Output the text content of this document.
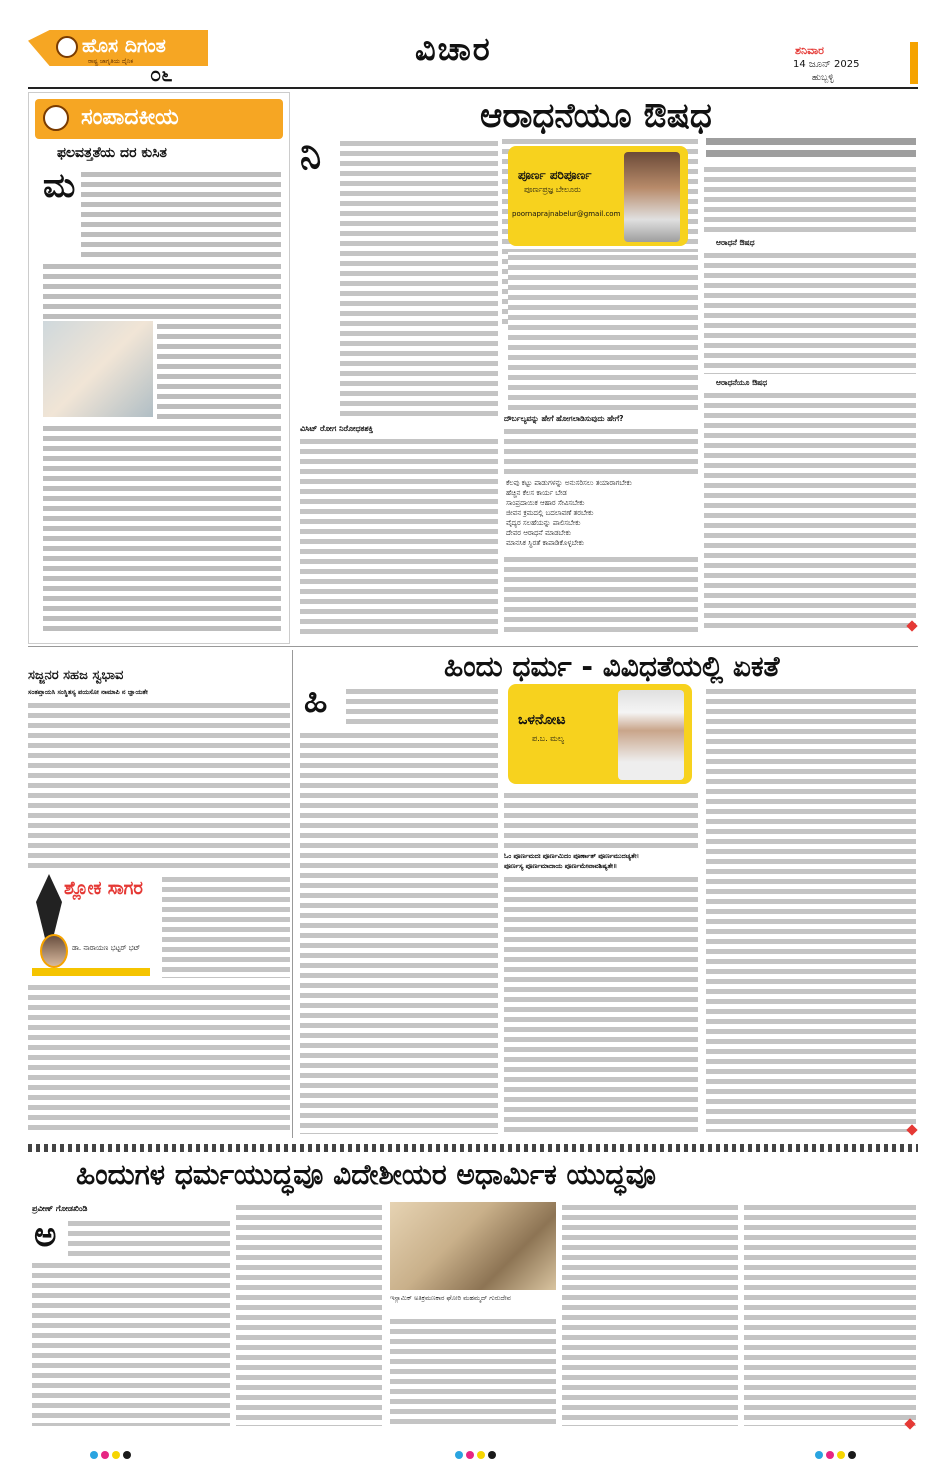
ಹೊಸ ದಿಗಂತ
ರಾಷ್ಟ್ರ ಜಾಗೃತಿಯ ದೈನಿಕ
೦೬
ವಿಚಾರ	ಶನಿವಾರ
14 ಜೂನ್ 2025
ಹುಬ್ಬಳ್ಳಿ
ಸಂಪಾದಕೀಯ
ಫಲವತ್ತತೆಯ ದರ ಕುಸಿತ
ಮ
ಆರಾಧನೆಯೂ ಔಷಧ
ನಿ
ವಿಸಿಟ್ ರೋಗ ನಿರೋಧಕಶಕ್ತಿ
ಪೂರ್ಣ ಪರಿಪೂರ್ಣ
ಪೂರ್ಣಪ್ರಜ್ಞ ಬೇಲೂರು
poornaprajnabelur@gmail.com
ದೌರ್ಬಲ್ಯವನ್ನು ಹೇಗೆ ಹೋಗಲಾಡಿಸುವುದು ಹೇಗೆ?
ಕೆಲವು ಕಟ್ಟು ಪಾಡುಗಳನ್ನು ಅನುಸರಿಸಲು ತಯಾರಾಗಬೇಕು
ಹೆಚ್ಚಿನ ಕೆಲಸ ಕಾರ್ಯ ಬೇಡ
ಸಾಂಪ್ರದಾಯಿಕ ಆಹಾರ ಸೇವಿಸಬೇಕು
ಜೀವನ ಕ್ರಮದಲ್ಲಿ ಬದಲಾವಣೆ ತರಬೇಕು
ವೈದ್ಯರ ಸಲಹೆಯನ್ನು ಪಾಲಿಸಬೇಕು
ದೇವರ ಆರಾಧನೆ ಮಾಡಬೇಕು
ಮಾನಸಿಕ ಸ್ಥಿರತೆ ಕಾಪಾಡಿಕೊಳ್ಳಬೇಕು
ಆರಾಧನೆ ಔಷಧ
ಆರಾಧನೆಯೂ ಔಷಧ
ಸಜ್ಜನರ ಸಹಜ ಸ್ವಭಾವ
ಸಂತಪ್ತಾಯಸಿ ಸಂಸ್ಥಿತಸ್ಯ ಪಯಸೋ ನಾಮಾಪಿ ನ ಜ್ಞಾಯತೇ
ಶ್ಲೋಕ ಸಾಗರ
ಡಾ. ನಾರಾಯಣ ಭಟ್ಟರ್ ಭಟ್
ಹಿಂದು ಧರ್ಮ - ವಿವಿಧತೆಯಲ್ಲಿ ಏಕತೆ
ಹಿ	ಒಳನೋಟ
ಪ.ಬ. ಮಲ್ಯ
ಓಂ ಪೂರ್ಣಮದಃ ಪೂರ್ಣಮಿದಂ ಪೂರ್ಣಾತ್ ಪೂರ್ಣಮುದಚ್ಯತೇ।
ಪೂರ್ಣಸ್ಯ ಪೂರ್ಣಮಾದಾಯ ಪೂರ್ಣಮೇವಾವಶಿಷ್ಯತೇ॥
ಹಿಂದುಗಳ ಧರ್ಮಯುದ್ಧವೂ ವಿದೇಶೀಯರ ಅಧಾರ್ಮಿಕ ಯುದ್ಧವೂ
ಪ್ರವೀಣ್ ಗೋಡಖಿಂಡಿ
ಅ
ಇಸ್ಲಾಮಿಕ್ ಅತಿಕ್ರಮಣಕಾರ ಘೋರಿ ಮಹಮ್ಮದ್ ಗುರುದೇವ
